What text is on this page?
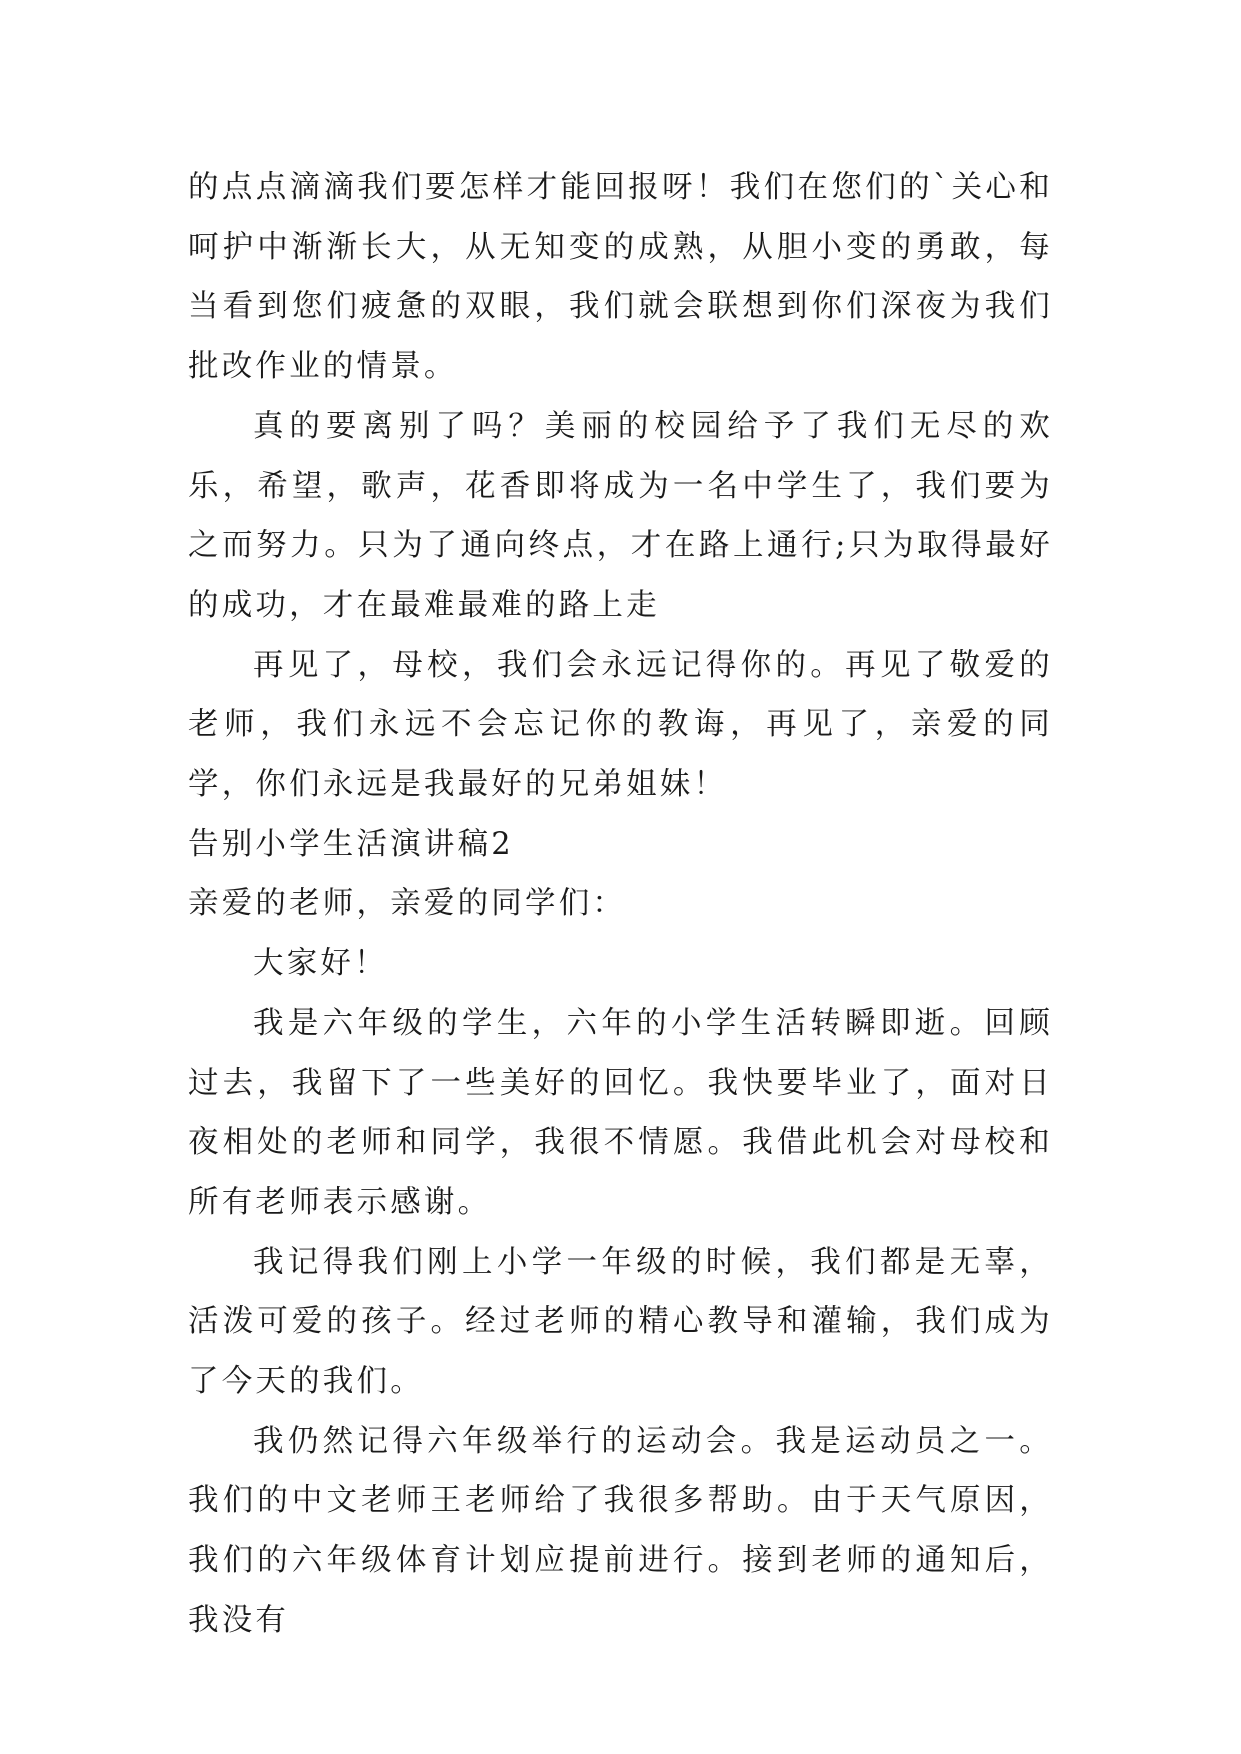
的点点滴滴我们要怎样才能回报呀！我们在您们的`关心和呵护中渐渐长大，从无知变的成熟，从胆小变的勇敢，每当看到您们疲惫的双眼，我们就会联想到你们深夜为我们批改作业的情景。

真的要离别了吗？美丽的校园给予了我们无尽的欢乐，希望，歌声，花香即将成为一名中学生了，我们要为之而努力。只为了通向终点，才在路上通行;只为取得最好的成功，才在最难最难的路上走

再见了，母校，我们会永远记得你的。再见了敬爱的老师，我们永远不会忘记你的教诲，再见了，亲爱的同学，你们永远是我最好的兄弟姐妹！

告别小学生活演讲稿2

亲爱的老师，亲爱的同学们：

大家好！

我是六年级的学生，六年的小学生活转瞬即逝。回顾过去，我留下了一些美好的回忆。我快要毕业了，面对日夜相处的老师和同学，我很不情愿。我借此机会对母校和所有老师表示感谢。

我记得我们刚上小学一年级的时候，我们都是无辜，活泼可爱的孩子。经过老师的精心教导和灌输，我们成为了今天的我们。

我仍然记得六年级举行的运动会。我是运动员之一。我们的中文老师王老师给了我很多帮助。由于天气原因，我们的六年级体育计划应提前进行。接到老师的通知后，我没有
